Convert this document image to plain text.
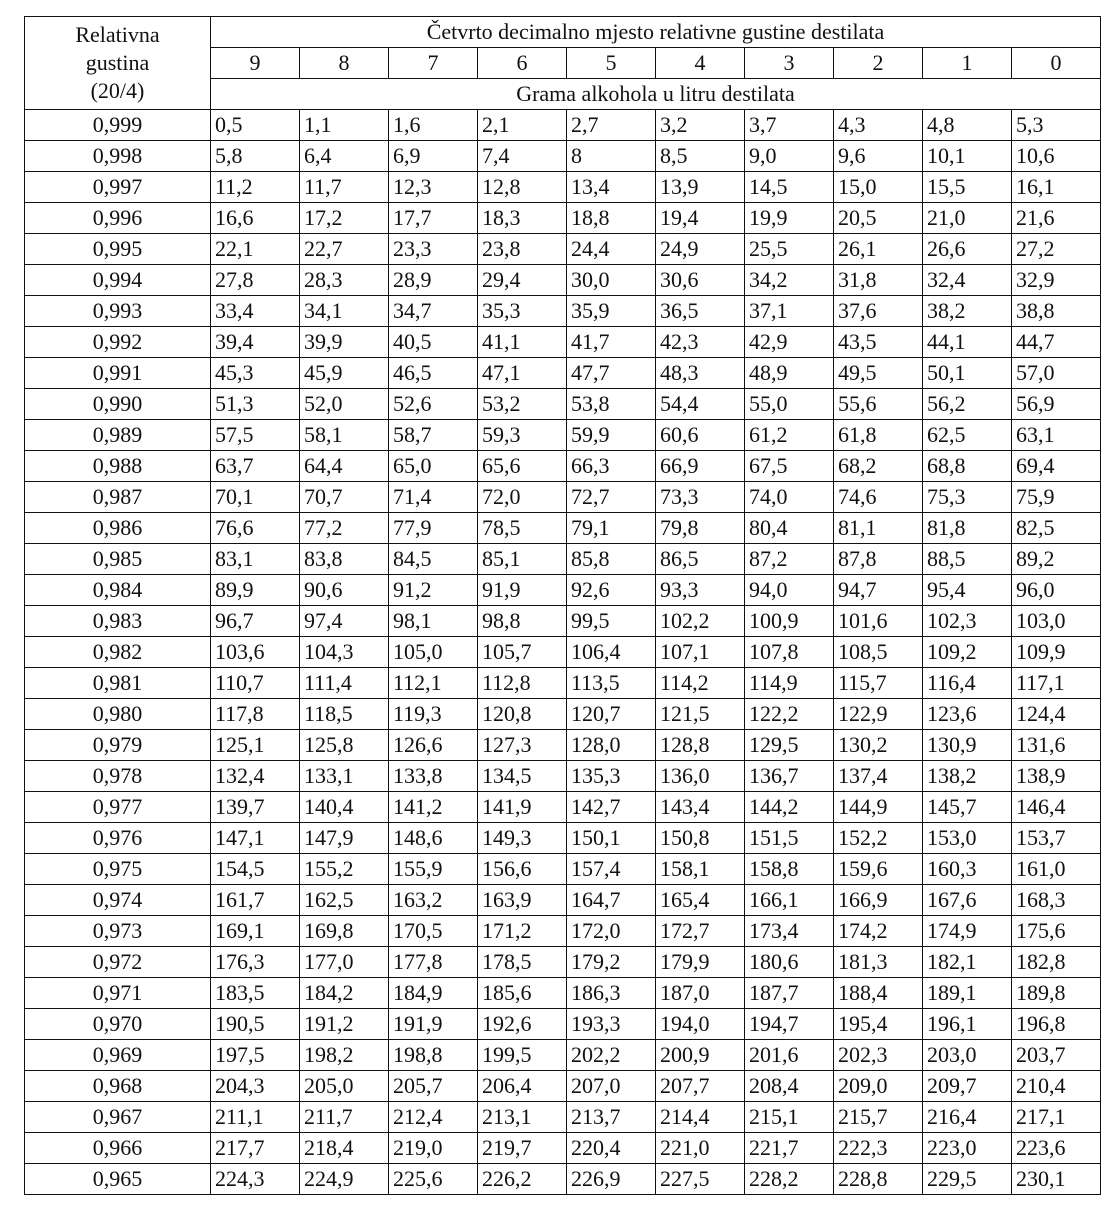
Relativna
gustina
(20/4)	Četvrto decimalno mjesto relativne gustine destilata									
	9	8	7	6	5	4	3	2	1	0
	Grama alkohola u litru destilata									
0,999	0,5	1,1	1,6	2,1	2,7	3,2	3,7	4,3	4,8	5,3
0,998	5,8	6,4	6,9	7,4	8	8,5	9,0	9,6	10,1	10,6
0,997	11,2	11,7	12,3	12,8	13,4	13,9	14,5	15,0	15,5	16,1
0,996	16,6	17,2	17,7	18,3	18,8	19,4	19,9	20,5	21,0	21,6
0,995	22,1	22,7	23,3	23,8	24,4	24,9	25,5	26,1	26,6	27,2
0,994	27,8	28,3	28,9	29,4	30,0	30,6	34,2	31,8	32,4	32,9
0,993	33,4	34,1	34,7	35,3	35,9	36,5	37,1	37,6	38,2	38,8
0,992	39,4	39,9	40,5	41,1	41,7	42,3	42,9	43,5	44,1	44,7
0,991	45,3	45,9	46,5	47,1	47,7	48,3	48,9	49,5	50,1	57,0
0,990	51,3	52,0	52,6	53,2	53,8	54,4	55,0	55,6	56,2	56,9
0,989	57,5	58,1	58,7	59,3	59,9	60,6	61,2	61,8	62,5	63,1
0,988	63,7	64,4	65,0	65,6	66,3	66,9	67,5	68,2	68,8	69,4
0,987	70,1	70,7	71,4	72,0	72,7	73,3	74,0	74,6	75,3	75,9
0,986	76,6	77,2	77,9	78,5	79,1	79,8	80,4	81,1	81,8	82,5
0,985	83,1	83,8	84,5	85,1	85,8	86,5	87,2	87,8	88,5	89,2
0,984	89,9	90,6	91,2	91,9	92,6	93,3	94,0	94,7	95,4	96,0
0,983	96,7	97,4	98,1	98,8	99,5	102,2	100,9	101,6	102,3	103,0
0,982	103,6	104,3	105,0	105,7	106,4	107,1	107,8	108,5	109,2	109,9
0,981	110,7	111,4	112,1	112,8	113,5	114,2	114,9	115,7	116,4	117,1
0,980	117,8	118,5	119,3	120,8	120,7	121,5	122,2	122,9	123,6	124,4
0,979	125,1	125,8	126,6	127,3	128,0	128,8	129,5	130,2	130,9	131,6
0,978	132,4	133,1	133,8	134,5	135,3	136,0	136,7	137,4	138,2	138,9
0,977	139,7	140,4	141,2	141,9	142,7	143,4	144,2	144,9	145,7	146,4
0,976	147,1	147,9	148,6	149,3	150,1	150,8	151,5	152,2	153,0	153,7
0,975	154,5	155,2	155,9	156,6	157,4	158,1	158,8	159,6	160,3	161,0
0,974	161,7	162,5	163,2	163,9	164,7	165,4	166,1	166,9	167,6	168,3
0,973	169,1	169,8	170,5	171,2	172,0	172,7	173,4	174,2	174,9	175,6
0,972	176,3	177,0	177,8	178,5	179,2	179,9	180,6	181,3	182,1	182,8
0,971	183,5	184,2	184,9	185,6	186,3	187,0	187,7	188,4	189,1	189,8
0,970	190,5	191,2	191,9	192,6	193,3	194,0	194,7	195,4	196,1	196,8
0,969	197,5	198,2	198,8	199,5	202,2	200,9	201,6	202,3	203,0	203,7
0,968	204,3	205,0	205,7	206,4	207,0	207,7	208,4	209,0	209,7	210,4
0,967	211,1	211,7	212,4	213,1	213,7	214,4	215,1	215,7	216,4	217,1
0,966	217,7	218,4	219,0	219,7	220,4	221,0	221,7	222,3	223,0	223,6
0,965	224,3	224,9	225,6	226,2	226,9	227,5	228,2	228,8	229,5	230,1
